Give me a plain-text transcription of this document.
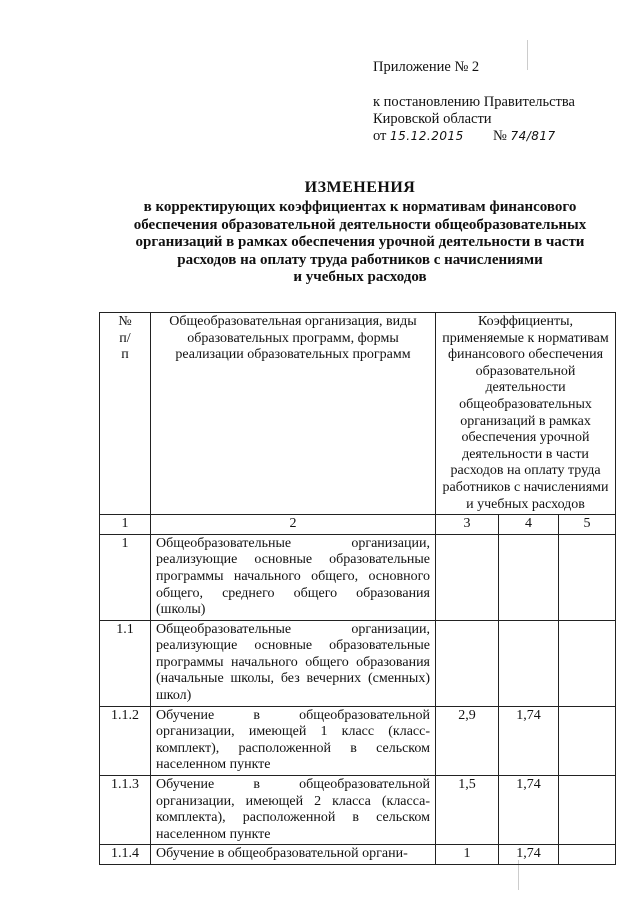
Приложение № 2
к постановлению Правительства
Кировской области
от 15.12.2015 № 74/817
ИЗМЕНЕНИЯ
в корректирующих коэффициентах к нормативам финансового
обеспечения образовательной деятельности общеобразовательных
организаций в рамках обеспечения урочной деятельности в части
расходов на оплату труда работников с начислениями
и учебных расходов
№ п/п	Общеобразовательная организация, виды образовательных программ, формы реализации образовательных программ	Коэффициенты, применяемые к нормативам финансового обеспечения образовательной деятельности общеобразовательных организаций в рамках обеспечения урочной деятельности в части расходов на оплату труда работников с начислениями и учебных расходов		
1	2	3	4	5
1	Общеобразовательные организации, реализующие основные образовательные программы начального общего, основного общего, среднего общего образования (школы)			
1.1	Общеобразовательные организации, реализующие основные образовательные программы начального общего образования (начальные школы, без вечерних (сменных) школ)			
1.1.2	Обучение в общеобразовательной организации, имеющей 1 класс (класс-комплект), расположенной в сельском населенном пункте	2,9	1,74	
1.1.3	Обучение в общеобразовательной организации, имеющей 2 класса (класса-комплекта), расположенной в сельском населенном пункте	1,5	1,74	
1.1.4	Обучение в общеобразовательной органи-	1	1,74	
